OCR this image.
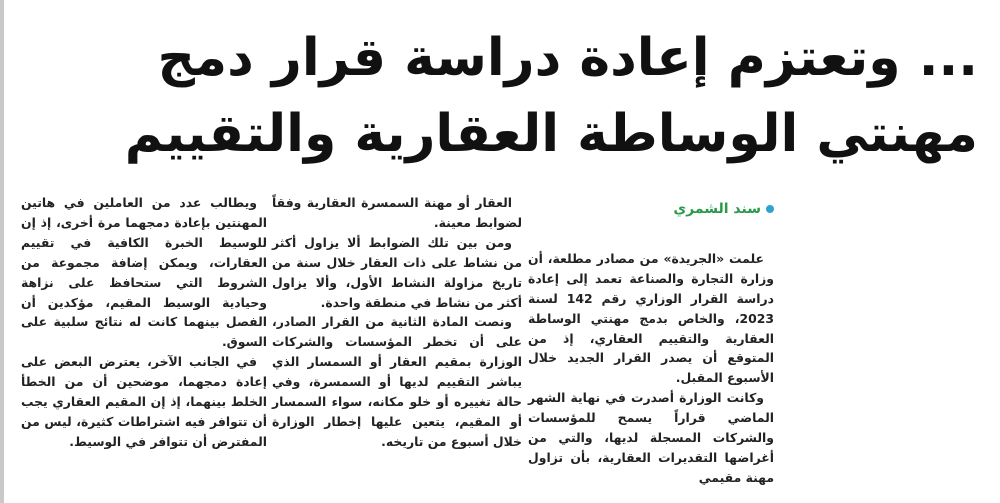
... وتعتزم إعادة دراسة قرار دمج
مهنتي الوساطة العقارية والتقييم
سند الشمري

علمت «الجريدة» من مصادر مطلعة، أن وزارة التجارة والصناعة تعمد إلى إعادة دراسة القرار الوزاري رقم 142 لسنة 2023، والخاص بدمج مهنتي الوساطة العقارية والتقييم العقاري، إذ من المتوقع أن يصدر القرار الجديد خلال الأسبوع المقبل.

وكانت الوزارة أصدرت في نهاية الشهر الماضي قراراً يسمح للمؤسسات والشركات المسجلة لديها، والتي من أغراضها التقديرات العقارية، بأن تزاول مهنة مقيمي

العقار أو مهنة السمسرة العقارية وفقاً لضوابط معينة.

ومن بين تلك الضوابط ألا يزاول أكثر من نشاط على ذات العقار خلال سنة من تاريخ مزاولة النشاط الأول، وألا يزاول أكثر من نشاط في منطقة واحدة.

ونصت المادة الثانية من القرار الصادر، على أن تخطر المؤسسات والشركات الوزارة بمقيم العقار أو السمسار الذي يباشر التقييم لديها أو السمسرة، وفي حالة تغييره أو خلو مكانه، سواء السمسار أو المقيم، يتعين عليها إخطار الوزارة خلال أسبوع من تاريخه.

ويطالب عدد من العاملين في هاتين المهنتين بإعادة دمجهما مرة أخرى، إذ إن للوسيط الخبرة الكافية في تقييم العقارات، ويمكن إضافة مجموعة من الشروط التي ستحافظ على نزاهة وحيادية الوسيط المقيم، مؤكدين أن الفصل بينهما كانت له نتائج سلبية على السوق.

في الجانب الآخر، يعترض البعض على إعادة دمجهما، موضحين أن من الخطأ الخلط بينهما، إذ إن المقيم العقاري يجب أن تتوافر فيه اشتراطات كثيرة، ليس من المفترض أن تتوافر في الوسيط.
